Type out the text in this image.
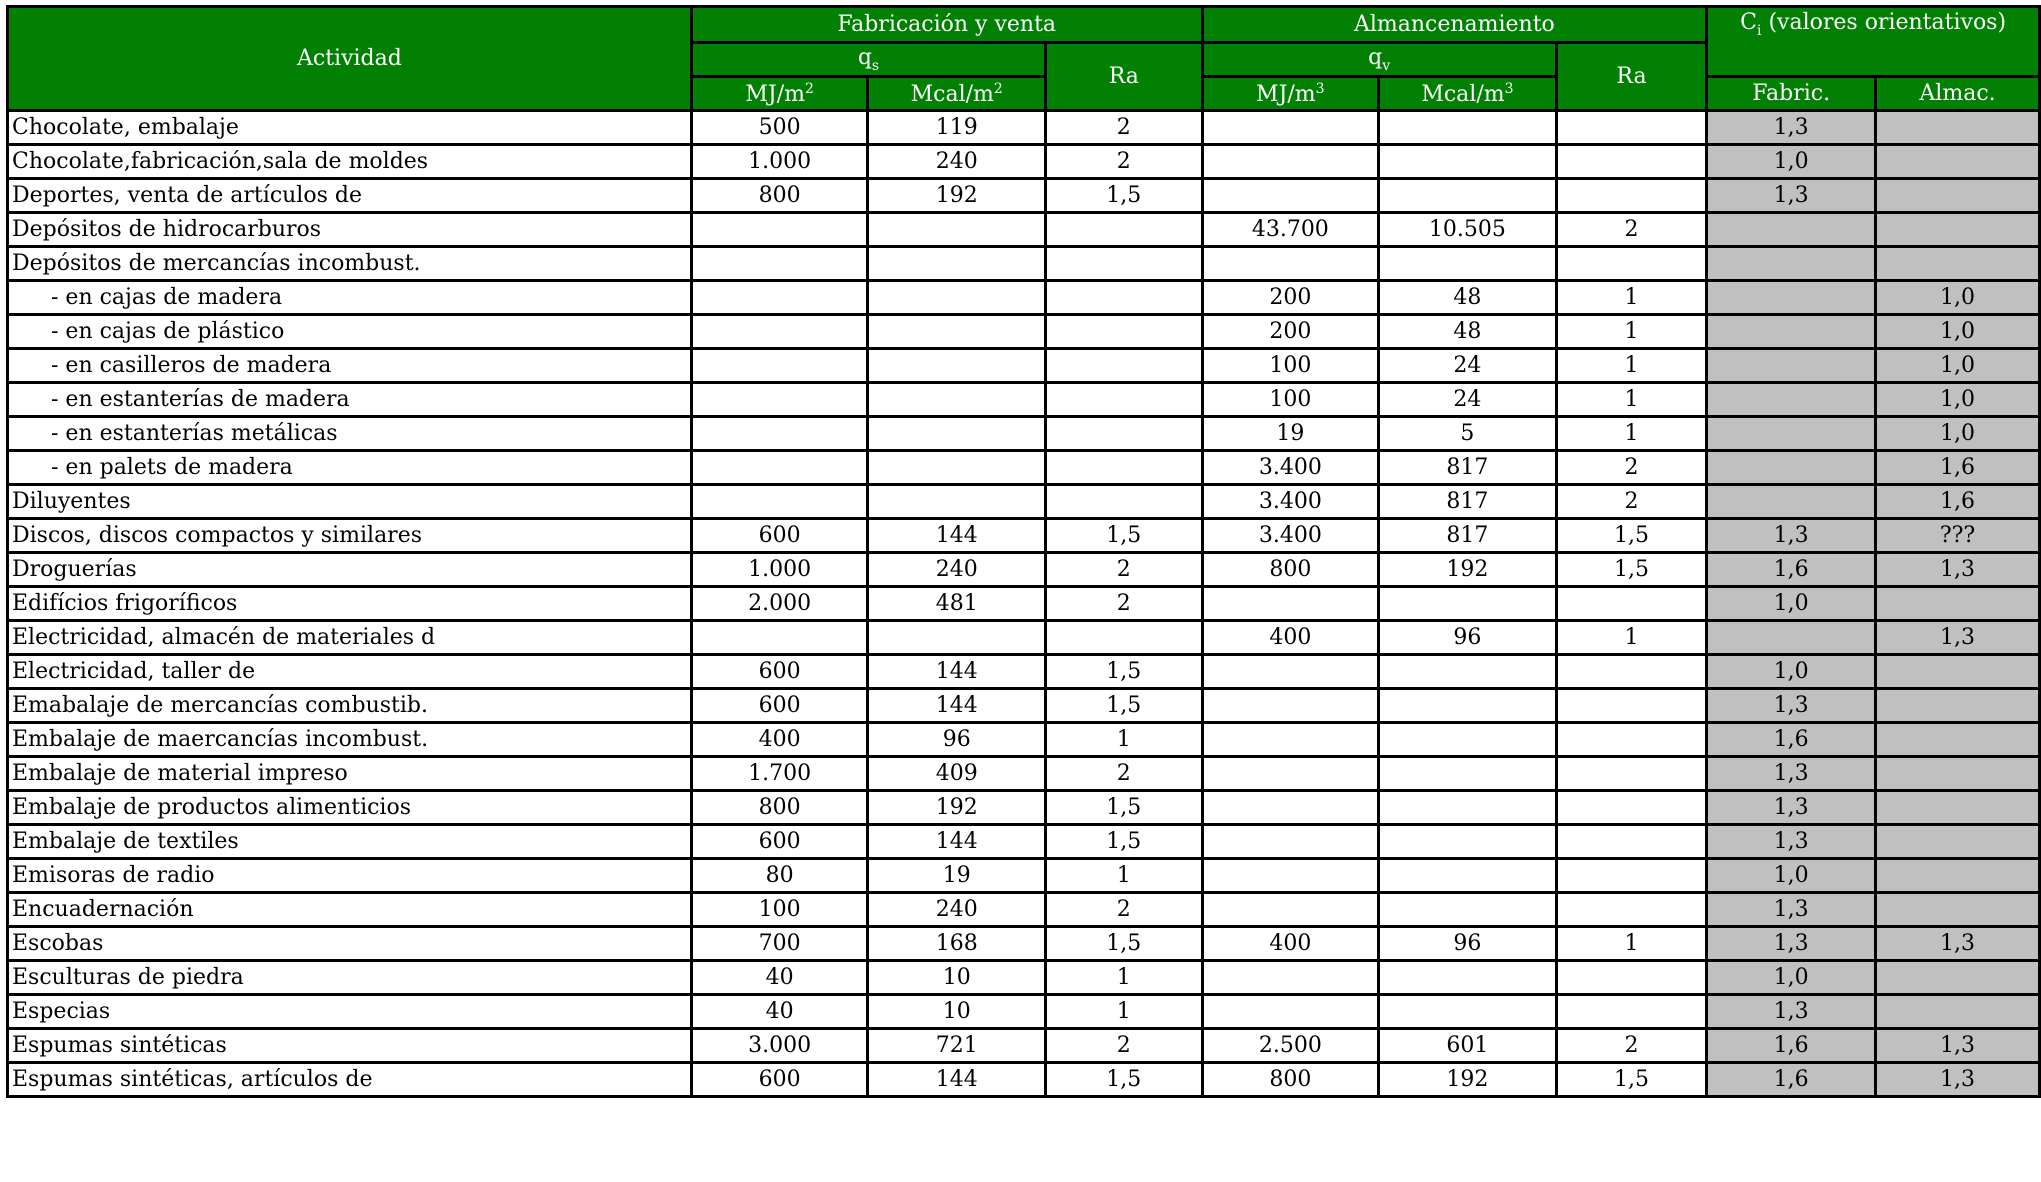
Actividad	Fabricación y venta			Almancenamiento			$C_i$ (valores orientativos)	
	$q_s$		Ra	$q_v$		Ra		
	$MJ/m^2$	Mcal/$m^2$		$MJ/m^3$	Mcal/$m^3$		Fabric.	Almac.
Chocolate, embalaje	500	119	2				1,3	
Chocolate,fabricación,sala de moldes	1.000	240	2				1,0	
Deportes, venta de artículos de	800	192	1,5				1,3	
Depósitos de hidrocarburos				43.700	10.505	2		
Depósitos de mercancías incombust.								
- en cajas de madera				200	48	1		1,0
- en cajas de plástico				200	48	1		1,0
- en casilleros de madera				100	24	1		1,0
- en estanterías de madera				100	24	1		1,0
- en estanterías metálicas				19	5	1		1,0
- en palets de madera				3.400	817	2		1,6
Diluyentes				3.400	817	2		1,6
Discos, discos compactos y similares	600	144	1,5	3.400	817	1,5	1,3	???
Droguerías	1.000	240	2	800	192	1,5	1,6	1,3
Edifícios frigoríficos	2.000	481	2				1,0	
Electricidad, almacén de materiales d				400	96	1		1,3
Electricidad, taller de	600	144	1,5				1,0	
Emabalaje de mercancías combustib.	600	144	1,5				1,3	
Embalaje de maercancías incombust.	400	96	1				1,6	
Embalaje de material impreso	1.700	409	2				1,3	
Embalaje de productos alimenticios	800	192	1,5				1,3	
Embalaje de textiles	600	144	1,5				1,3	
Emisoras de radio	80	19	1				1,0	
Encuadernación	100	240	2				1,3	
Escobas	700	168	1,5	400	96	1	1,3	1,3
Esculturas de piedra	40	10	1				1,0	
Especias	40	10	1				1,3	
Espumas sintéticas	3.000	721	2	2.500	601	2	1,6	1,3
Espumas sintéticas, artículos de	600	144	1,5	800	192	1,5	1,6	1,3
